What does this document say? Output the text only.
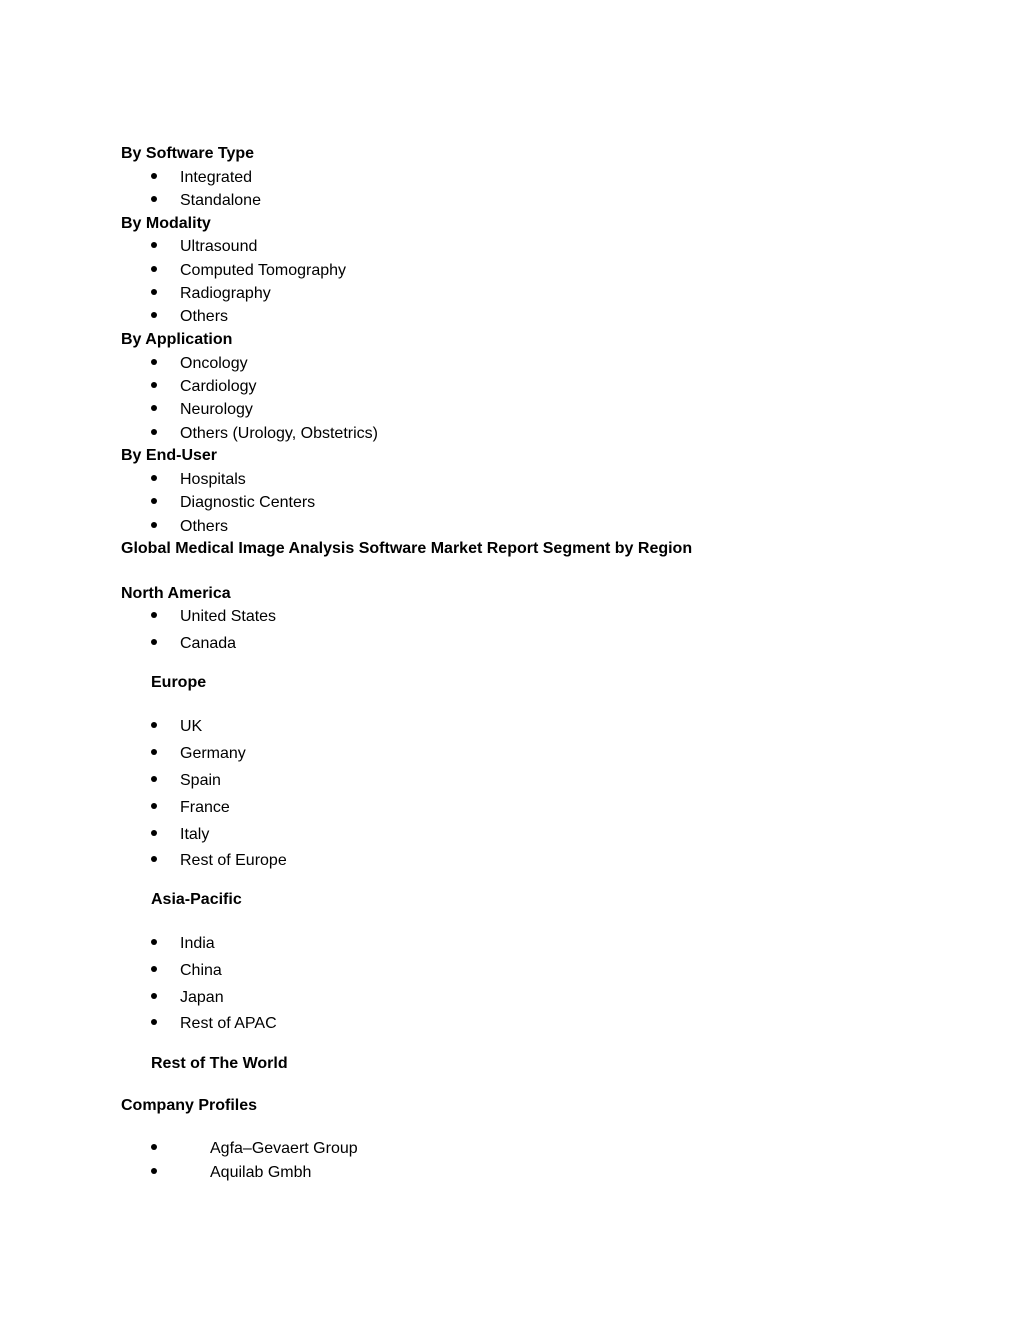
By Software Type
Integrated
Standalone
By Modality
Ultrasound
Computed Tomography
Radiography
Others
By Application
Oncology
Cardiology
Neurology
Others (Urology, Obstetrics)
By End-User
Hospitals
Diagnostic Centers
Others
Global Medical Image Analysis Software Market Report Segment by Region
North America
United States
Canada
Europe
UK
Germany
Spain
France
Italy
Rest of Europe
Asia-Pacific
India
China
Japan
Rest of APAC
Rest of The World
Company Profiles
Agfa–Gevaert Group
Aquilab Gmbh
